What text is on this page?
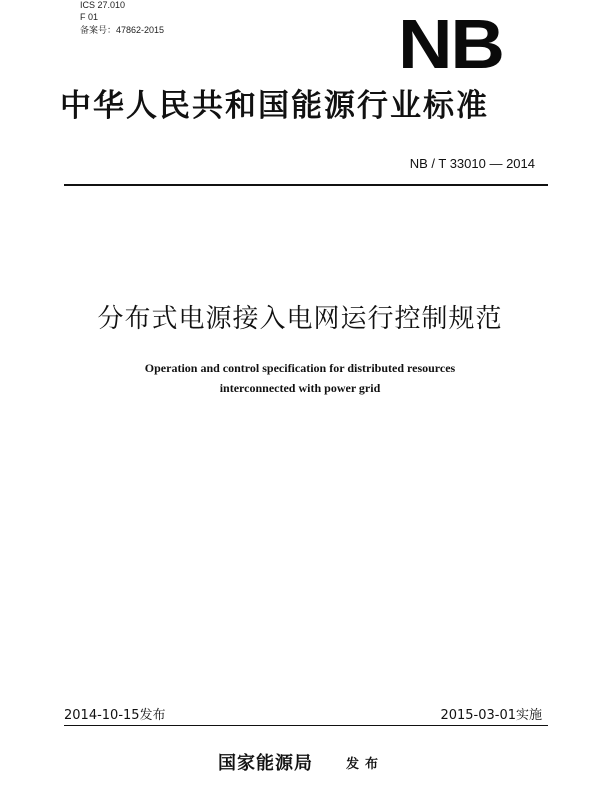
ICS 27.010
F 01
备案号：47862-2015	NB
中华人民共和国能源行业标准
NB / T 33010 — 2014
分布式电源接入电网运行控制规范
Operation and control specification for distributed resources
interconnected with power grid
2014-10-15发布	2015-03-01实施
国家能源局	发布
